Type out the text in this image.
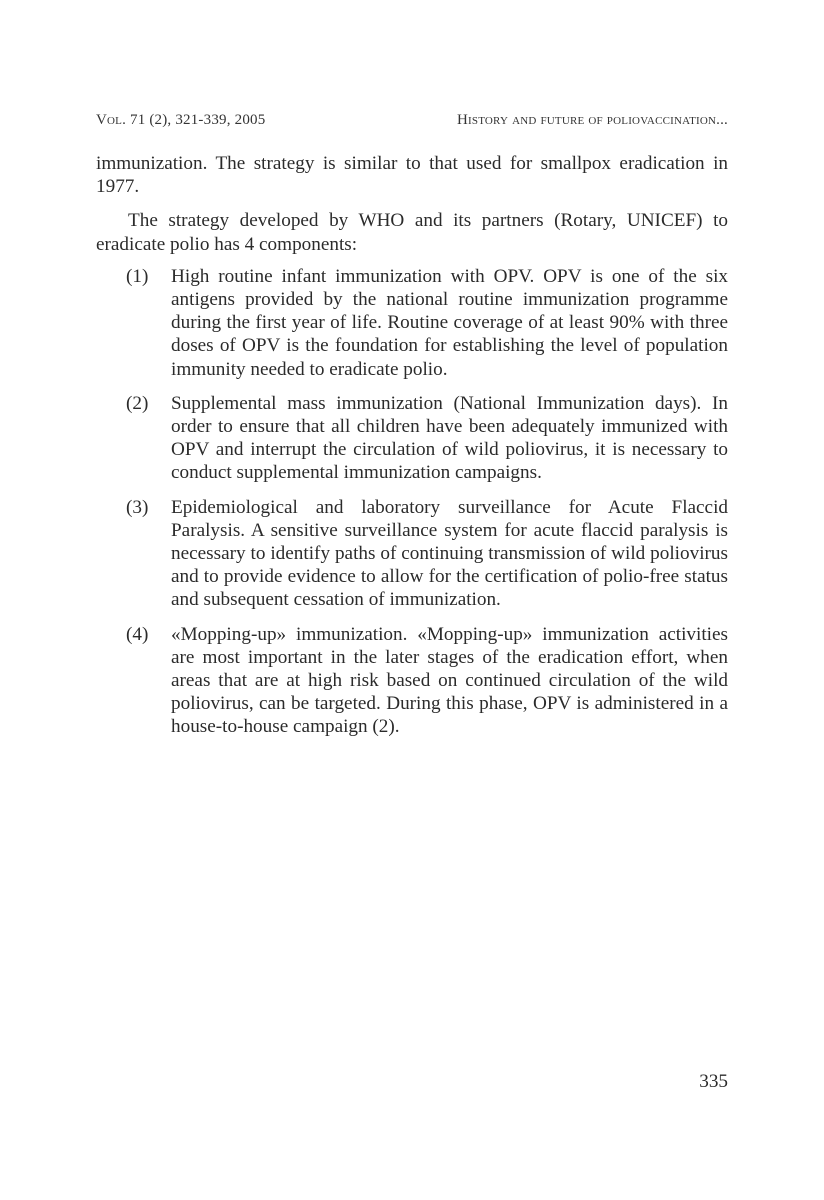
Vol. 71 (2), 321-339, 2005	History and future of poliovaccination...

immunization. The strategy is similar to that used for smallpox eradication in 1977.

The strategy developed by WHO and its partners (Rotary, UNICEF) to eradicate polio has 4 components:

(1) High routine infant immunization with OPV. OPV is one of the six antigens provided by the national routine immunization programme during the first year of life. Routine coverage of at least 90% with three doses of OPV is the foundation for establishing the level of population immunity needed to eradicate polio.
(2) Supplemental mass immunization (National Immunization days). In order to ensure that all children have been adequately immunized with OPV and interrupt the circulation of wild poliovirus, it is necessary to conduct supplemental immunization campaigns.
(3) Epidemiological and laboratory surveillance for Acute Flaccid Paralysis. A sensitive surveillance system for acute flaccid paralysis is necessary to identify paths of continuing transmission of wild poliovirus and to provide evidence to allow for the certification of polio-free status and subsequent cessation of immunization.
(4) «Mopping-up» immunization. «Mopping-up» immunization activities are most important in the later stages of the eradication effort, when areas that are at high risk based on continued circulation of the wild poliovirus, can be targeted. During this phase, OPV is administered in a house-to-house campaign (2).
335
